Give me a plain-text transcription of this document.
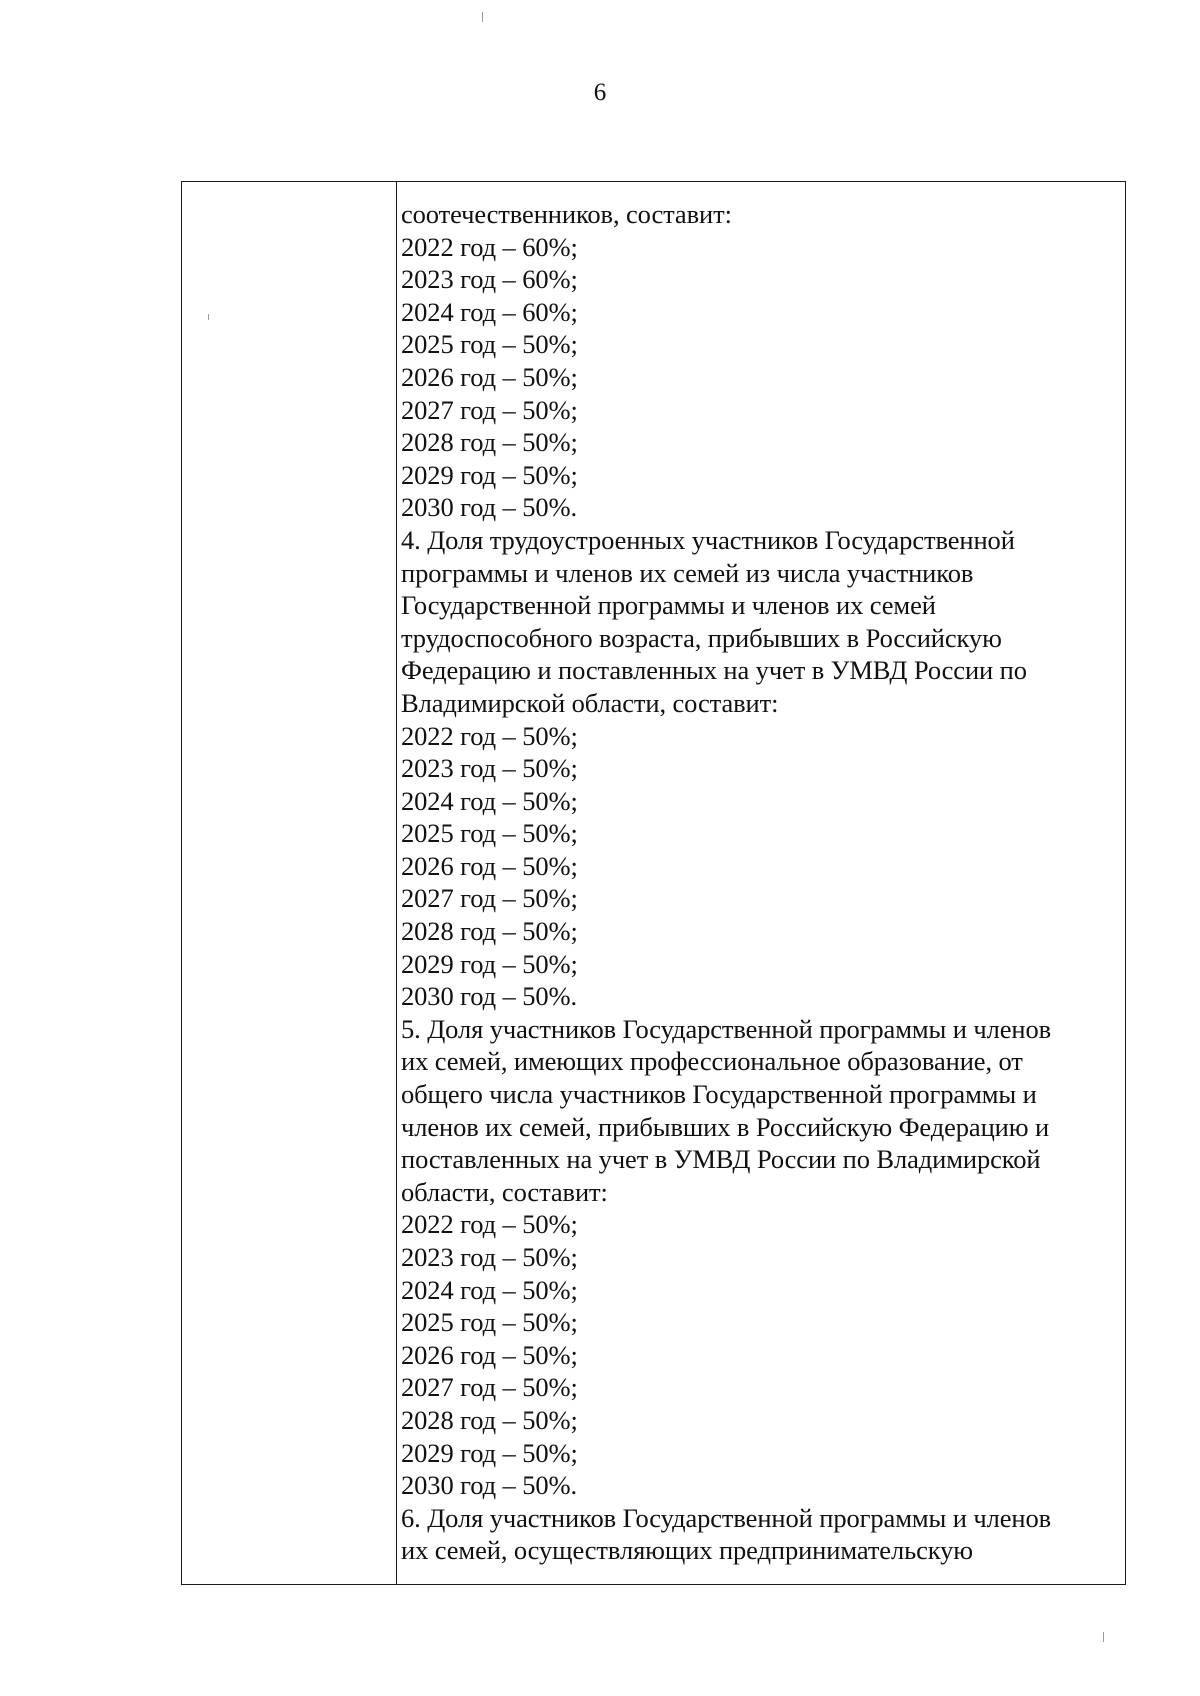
6
соотечественников, составит:
2022 год – 60%;
2023 год – 60%;
2024 год – 60%;
2025 год – 50%;
2026 год – 50%;
2027 год – 50%;
2028 год – 50%;
2029 год – 50%;
2030 год – 50%.
4. Доля трудоустроенных участников Государственной
программы и членов их семей из числа участников
Государственной программы и членов их семей
трудоспособного возраста, прибывших в Российскую
Федерацию и поставленных на учет в УМВД России по
Владимирской области, составит:
2022 год – 50%;
2023 год – 50%;
2024 год – 50%;
2025 год – 50%;
2026 год – 50%;
2027 год – 50%;
2028 год – 50%;
2029 год – 50%;
2030 год – 50%.
5. Доля участников Государственной программы и членов
их семей, имеющих профессиональное образование, от
общего числа участников Государственной программы и
членов их семей, прибывших в Российскую Федерацию и
поставленных на учет в УМВД России по Владимирской
области, составит:
2022 год – 50%;
2023 год – 50%;
2024 год – 50%;
2025 год – 50%;
2026 год – 50%;
2027 год – 50%;
2028 год – 50%;
2029 год – 50%;
2030 год – 50%.
6. Доля участников Государственной программы и членов
их семей, осуществляющих предпринимательскую
